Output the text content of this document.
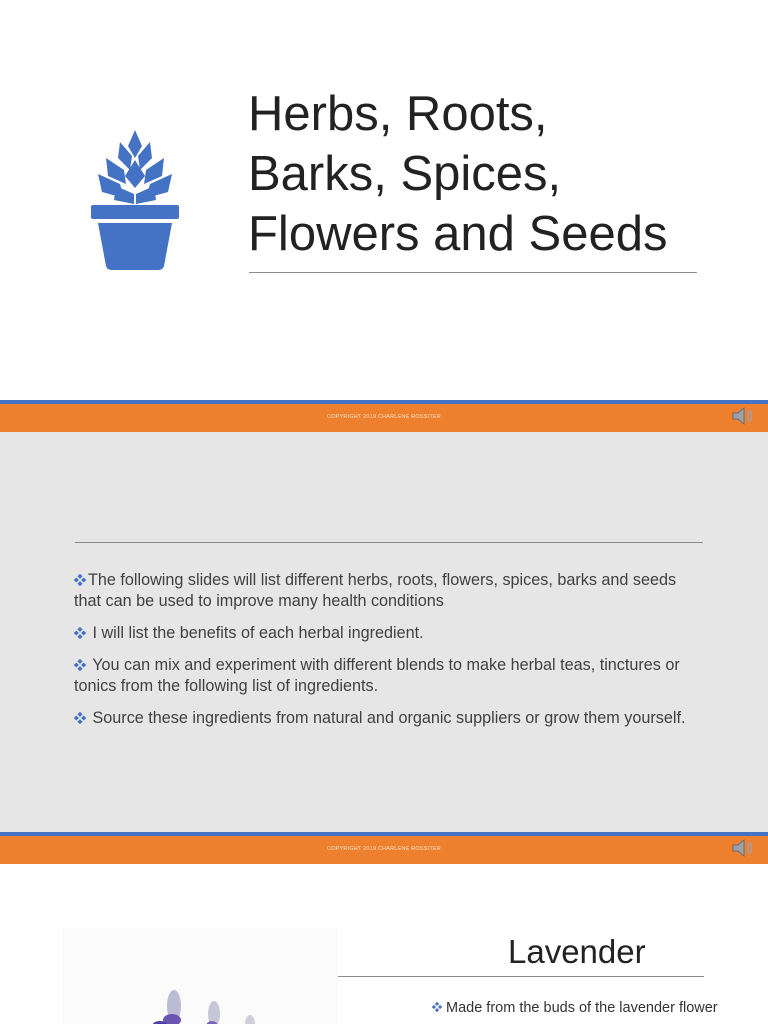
Herbs, Roots,
Barks, Spices,
Flowers and Seeds
COPYRIGHT 2019 CHARLENE ROSSITER
The following slides will list different herbs, roots, flowers, spices, barks and seeds that can be used to improve many health conditions
I will list the benefits of each herbal ingredient.
You can mix and experiment with different blends to make herbal teas, tinctures or tonics from the following list of ingredients.
Source these ingredients from natural and organic suppliers or grow them yourself.
COPYRIGHT 2019 CHARLENE ROSSITER
Lavender
Made from the buds of the lavender flower
